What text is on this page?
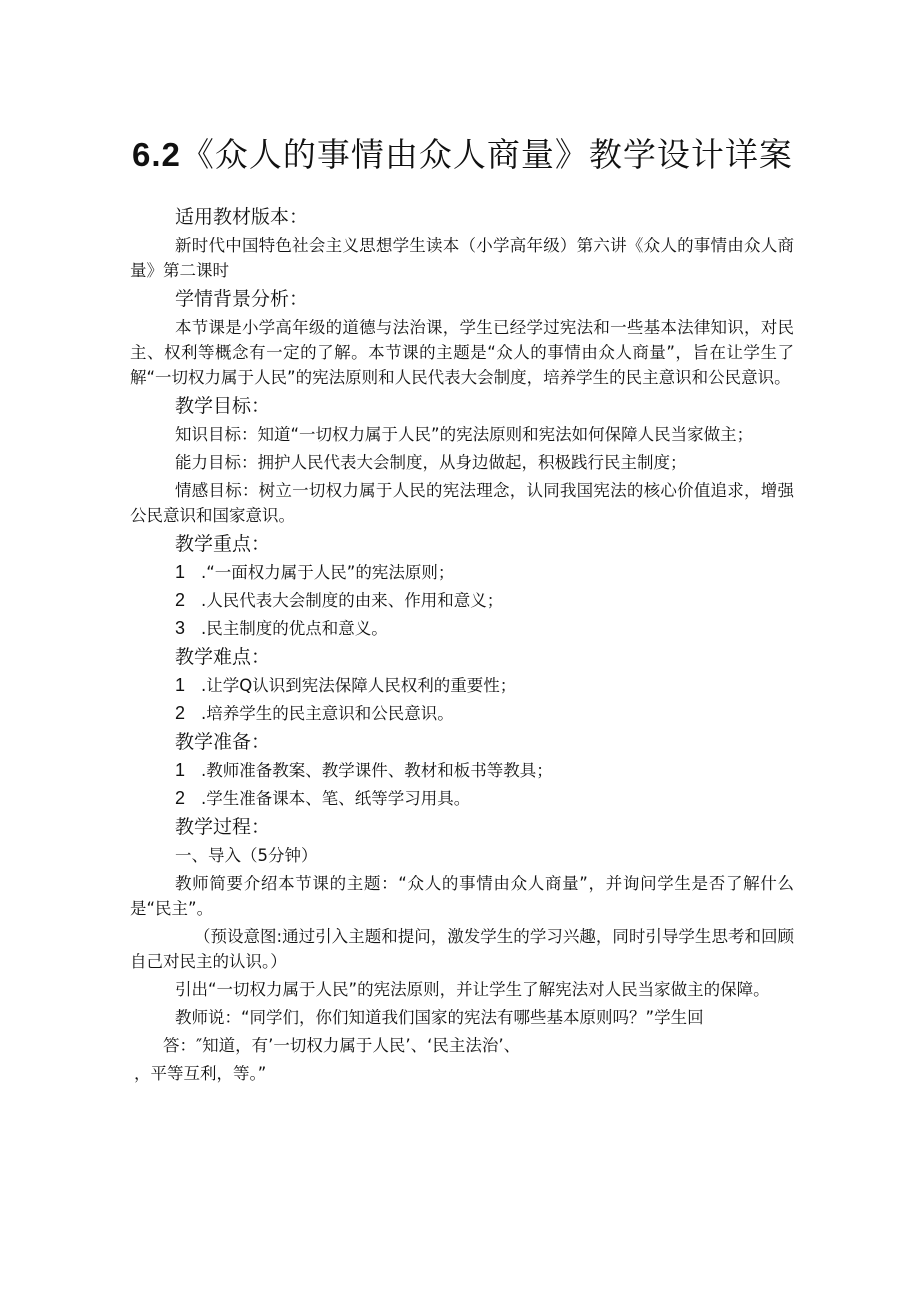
6.2《众人的事情由众人商量》教学设计详案
适用教材版本：
新时代中国特色社会主义思想学生读本（小学高年级）第六讲《众人的事情由众人商量》第二课时
学情背景分析：
本节课是小学高年级的道德与法治课，学生已经学过宪法和一些基本法律知识，对民主、权利等概念有一定的了解。本节课的主题是“众人的事情由众人商量”，旨在让学生了解“一切权力属于人民”的宪法原则和人民代表大会制度，培养学生的民主意识和公民意识。
教学目标：
知识目标：知道“一切权力属于人民”的宪法原则和宪法如何保障人民当家做主；
能力目标：拥护人民代表大会制度，从身边做起，积极践行民主制度；
情感目标：树立一切权力属于人民的宪法理念，认同我国宪法的核心价值追求，增强公民意识和国家意识。
教学重点：
1 .“一面权力属于人民”的宪法原则；
2 .人民代表大会制度的由来、作用和意义；
3 .民主制度的优点和意义。
教学难点：
1 .让学Q认识到宪法保障人民权利的重要性；
2 .培养学生的民主意识和公民意识。
教学准备：
1 .教师准备教案、教学课件、教材和板书等教具；
2 .学生准备课本、笔、纸等学习用具。
教学过程：
一、导入（5分钟）
教师简要介绍本节课的主题：“众人的事情由众人商量”，并询问学生是否了解什么是“民主”。
（预设意图:通过引入主题和提问，激发学生的学习兴趣，同时引导学生思考和回顾自己对民主的认识。）
引出“一切权力属于人民”的宪法原则，并让学生了解宪法对人民当家做主的保障。
教师说：“同学们，你们知道我们国家的宪法有哪些基本原则吗？”学生回
答：″知道，有’一切权力属于人民’、‘民主法治’、
，平等互利，等。”
